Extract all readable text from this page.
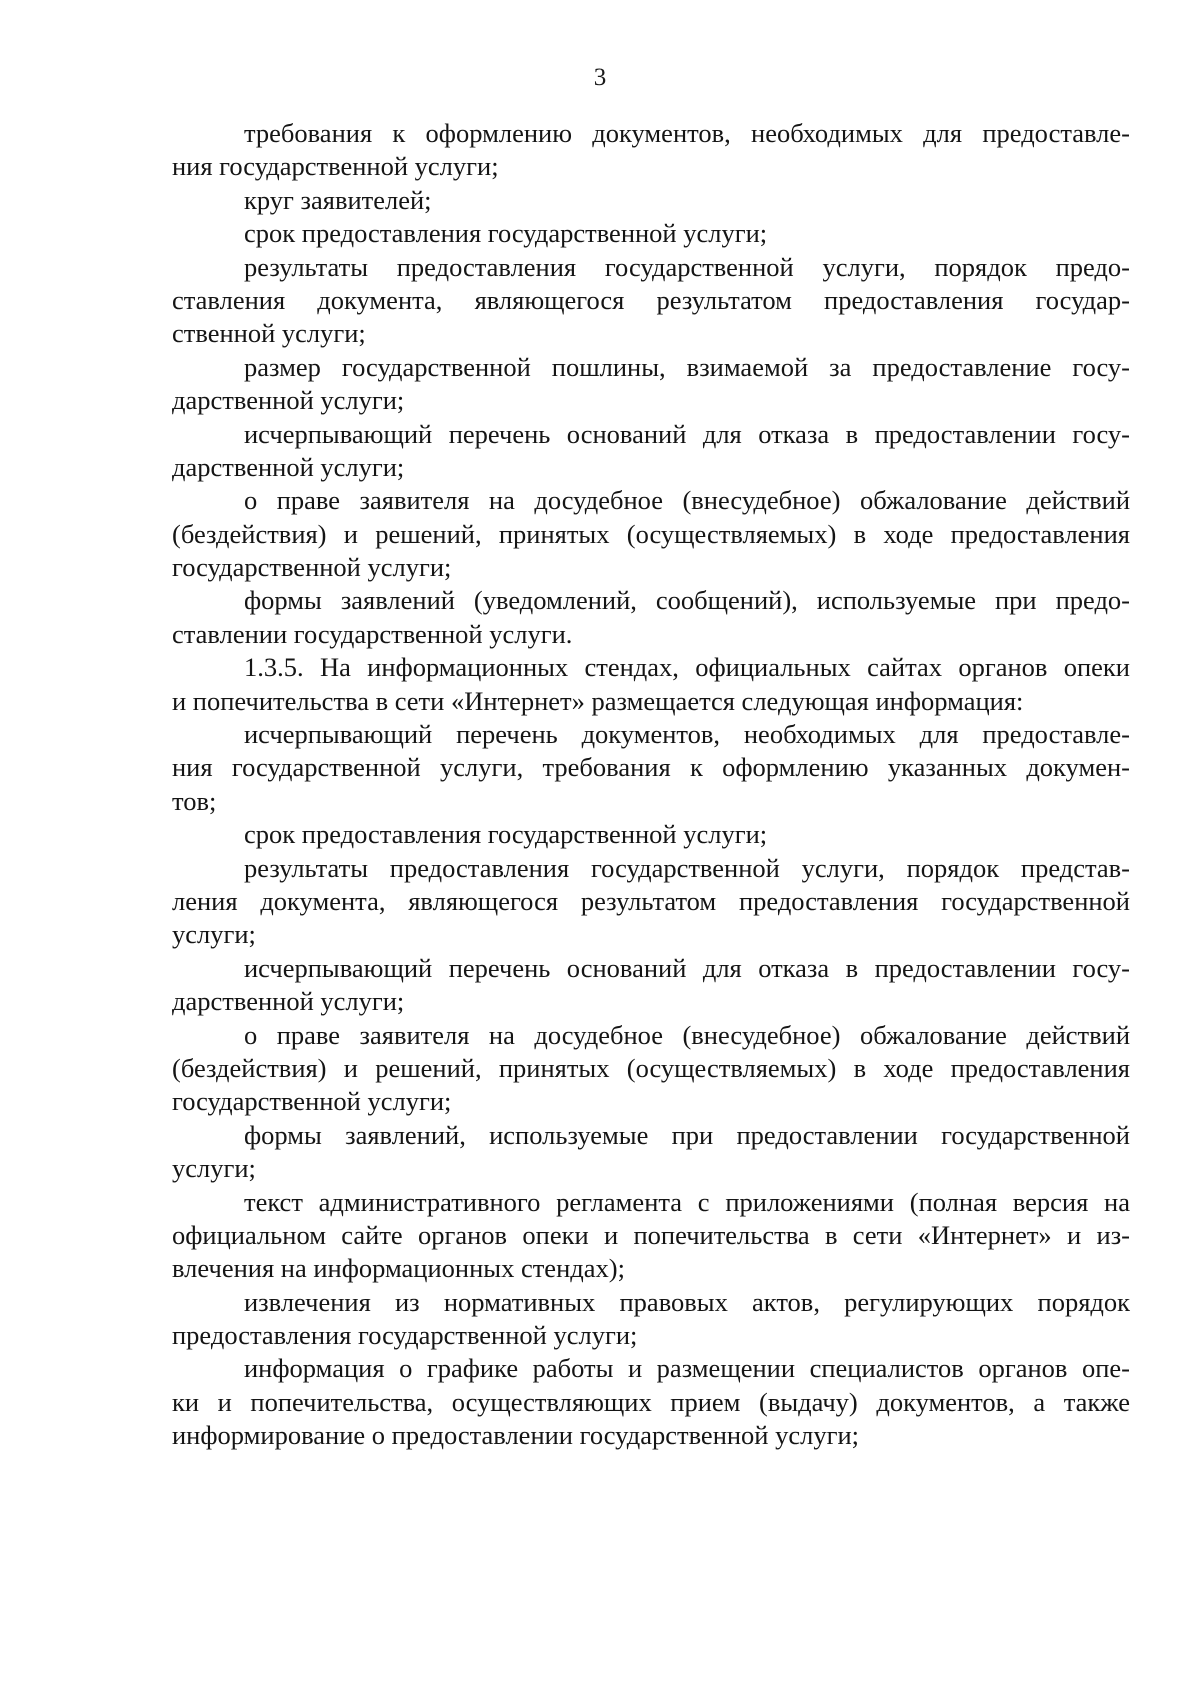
3
требования к оформлению документов, необходимых для предоставле-
ния государственной услуги;
круг заявителей;
срок предоставления государственной услуги;
результаты предоставления государственной услуги, порядок предо-
ставления документа, являющегося результатом предоставления государ-
ственной услуги;
размер государственной пошлины, взимаемой за предоставление госу-
дарственной услуги;
исчерпывающий перечень оснований для отказа в предоставлении госу-
дарственной услуги;
о праве заявителя на досудебное (внесудебное) обжалование действий
(бездействия) и решений, принятых (осуществляемых) в ходе предоставления
государственной услуги;
формы заявлений (уведомлений, сообщений), используемые при предо-
ставлении государственной услуги.
1.3.5. На информационных стендах, официальных сайтах органов опеки
и попечительства в сети «Интернет» размещается следующая информация:
исчерпывающий перечень документов, необходимых для предоставле-
ния государственной услуги, требования к оформлению указанных докумен-
тов;
срок предоставления государственной услуги;
результаты предоставления государственной услуги, порядок представ-
ления документа, являющегося результатом предоставления государственной
услуги;
исчерпывающий перечень оснований для отказа в предоставлении госу-
дарственной услуги;
о праве заявителя на досудебное (внесудебное) обжалование действий
(бездействия) и решений, принятых (осуществляемых) в ходе предоставления
государственной услуги;
формы заявлений, используемые при предоставлении государственной
услуги;
текст административного регламента с приложениями (полная версия на
официальном сайте органов опеки и попечительства в сети «Интернет» и из-
влечения на информационных стендах);
извлечения из нормативных правовых актов, регулирующих порядок
предоставления государственной услуги;
информация о графике работы и размещении специалистов органов опе-
ки и попечительства, осуществляющих прием (выдачу) документов, а также
информирование о предоставлении государственной услуги;
